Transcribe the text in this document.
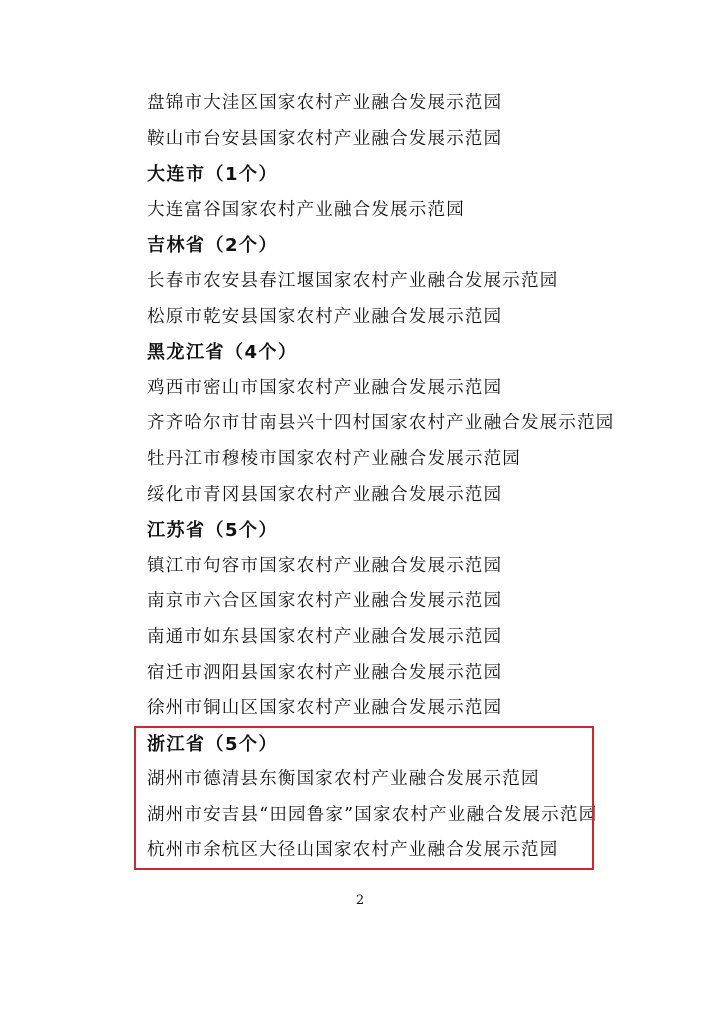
盘锦市大洼区国家农村产业融合发展示范园
鞍山市台安县国家农村产业融合发展示范园
大连市（1个）
大连富谷国家农村产业融合发展示范园
吉林省（2个）
长春市农安县春江堰国家农村产业融合发展示范园
松原市乾安县国家农村产业融合发展示范园
黑龙江省（4个）
鸡西市密山市国家农村产业融合发展示范园
齐齐哈尔市甘南县兴十四村国家农村产业融合发展示范园
牡丹江市穆棱市国家农村产业融合发展示范园
绥化市青冈县国家农村产业融合发展示范园
江苏省（5个）
镇江市句容市国家农村产业融合发展示范园
南京市六合区国家农村产业融合发展示范园
南通市如东县国家农村产业融合发展示范园
宿迁市泗阳县国家农村产业融合发展示范园
徐州市铜山区国家农村产业融合发展示范园
浙江省（5个）
湖州市德清县东衡国家农村产业融合发展示范园
湖州市安吉县“田园鲁家”国家农村产业融合发展示范园
杭州市余杭区大径山国家农村产业融合发展示范园
2
